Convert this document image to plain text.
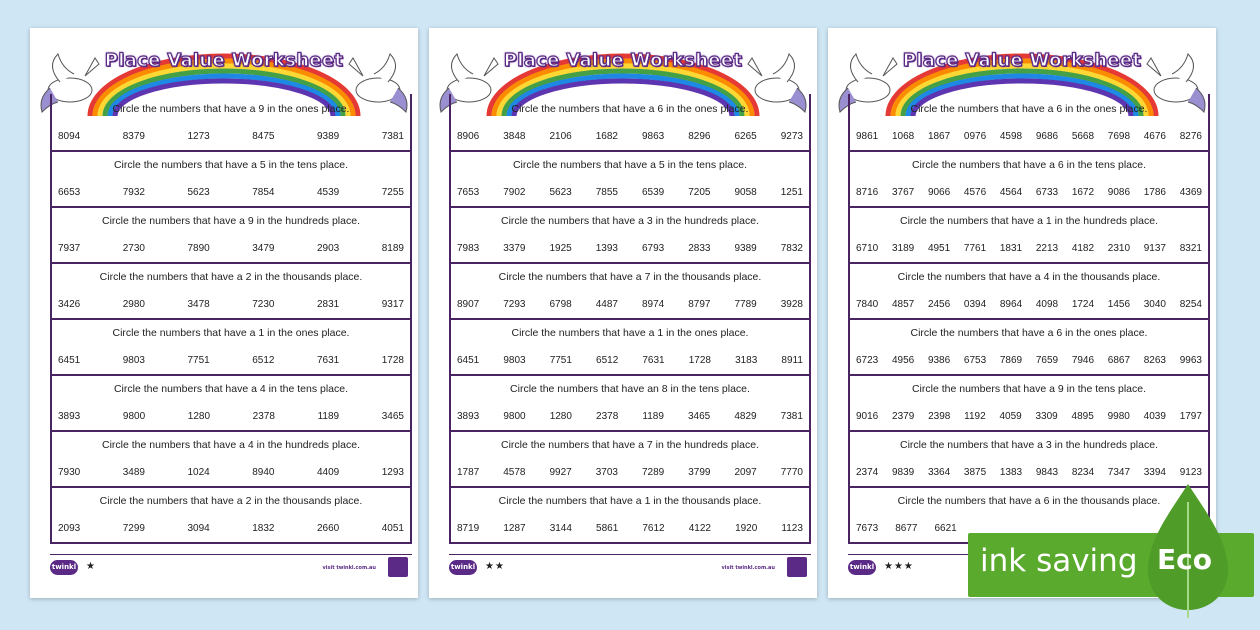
Place Value Worksheet
Circle the numbers that have a 9 in the ones place.
8094	8379	1273	8475	9389	7381
Circle the numbers that have a 5 in the tens place.
6653	7932	5623	7854	4539	7255
Circle the numbers that have a 9 in the hundreds place.
7937	2730	7890	3479	2903	8189
Circle the numbers that have a 2 in the thousands place.
3426	2980	3478	7230	2831	9317
Circle the numbers that have a 1 in the ones place.
6451	9803	7751	6512	7631	1728
Circle the numbers that have a 4 in the tens place.
3893	9800	1280	2378	1189	3465
Circle the numbers that have a 4 in the hundreds place.
7930	3489	1024	8940	4409	1293
Circle the numbers that have a 2 in the thousands place.
2093	7299	3094	1832	2660	4051
twinkl ★	visit twinkl.com.au
Place Value Worksheet
Circle the numbers that have a 6 in the ones place.
8906 3848 2106 1682 9863 8296 6265 9273
Circle the numbers that have a 5 in the tens place.
7653 7902 5623 7855 6539 7205 9058 1251
Circle the numbers that have a 3 in the hundreds place.
7983 3379 1925 1393 6793 2833 9389 7832
Circle the numbers that have a 7 in the thousands place.
8907 7293 6798 4487 8974 8797 7789 3928
Circle the numbers that have a 1 in the ones place.
6451 9803 7751 6512 7631 1728 3183 8911
Circle the numbers that have an 8 in the tens place.
3893 9800 1280 2378 1189 3465 4829 7381
Circle the numbers that have a 7 in the hundreds place.
1787 4578 9927 3703 7289 3799 2097 7770
Circle the numbers that have a 1 in the thousands place.
8719 1287 3144 5861 7612 4122 1920 1123
twinkl ★★	visit twinkl.com.au
Place Value Worksheet
Circle the numbers that have a 6 in the ones place.
9861 1068 1867 0976 4598 9686 5668 7698 4676 8276
Circle the numbers that have a 6 in the tens place.
8716 3767 9066 4576 4564 6733 1672 9086 1786 4369
Circle the numbers that have a 1 in the hundreds place.
6710 3189 4951 7761 1831 2213 4182 2310 9137 8321
Circle the numbers that have a 4 in the thousands place.
7840 4857 2456 0394 8964 4098 1724 1456 3040 8254
Circle the numbers that have a 6 in the ones place.
6723 4956 9386 6753 7869 7659 7946 6867 8263 9963
Circle the numbers that have a 9 in the tens place.
9016 2379 2398 1192 4059 3309 4895 9980 4039 1797
Circle the numbers that have a 3 in the hundreds place.
2374 9839 3364 3875 1383 9843 8234 7347 3394 9123
Circle the numbers that have a 6 in the thousands place.
7673 8677 6621
twinkl ★★★ ink saving Eco
